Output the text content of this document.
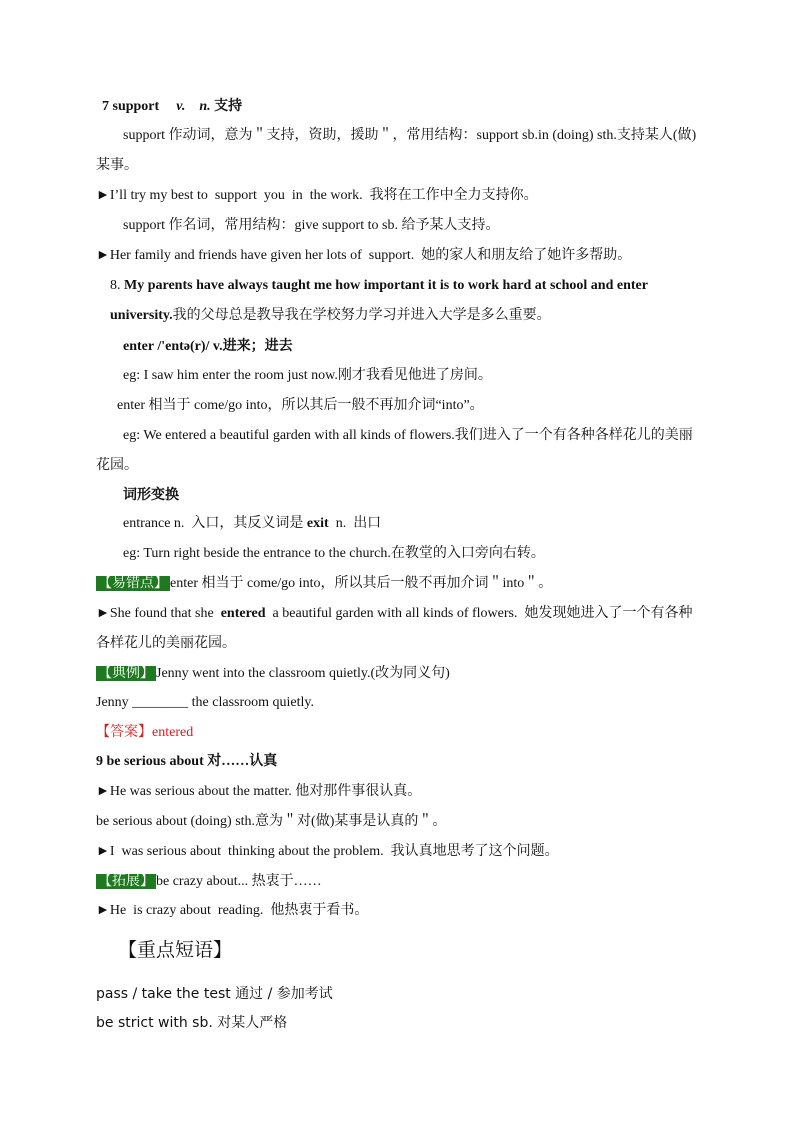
7 support v.    n. 支持
support 作动词，意为＂支持，资助，援助＂，常用结构：support sb.in (doing) sth.支持某人(做)
某事。
►I’ll try my best to  support  you  in  the work.  我将在工作中全力支持你。
support 作名词，常用结构：give support to sb. 给予某人支持。
►Her family and friends have given her lots of  support.  她的家人和朋友给了她许多帮助。
8. My parents have always taught me how important it is to work hard at school and enter
university.我的父母总是教导我在学校努力学习并进入大学是多么重要。
enter /'entə(r)/ v.进来；进去
eg: I saw him enter the room just now.刚才我看见他进了房间。
enter 相当于 come/go into，所以其后一般不再加介词“into”。
eg: We entered a beautiful garden with all kinds of flowers.我们进入了一个有各种各样花儿的美丽
花园。
词形变换
entrance n.  入口，其反义词是 exit  n.  出口
eg: Turn right beside the entrance to the church.在教堂的入口旁向右转。
【易错点】 enter 相当于 come/go into，所以其后一般不再加介词＂into＂。
►She found that she  entered  a beautiful garden with all kinds of flowers.  她发现她进入了一个有各种
各样花儿的美丽花园。
【典例】 Jenny went into the classroom quietly.(改为同义句)
Jenny ________ the classroom quietly.
【答案】entered
9 be serious about 对……认真
►He was serious about the matter. 他对那件事很认真。
be serious about (doing) sth.意为＂对(做)某事是认真的＂。
►I  was serious about  thinking about the problem.  我认真地思考了这个问题。
【拓展】 be crazy about... 热衷于……
►He  is crazy about  reading.  他热衷于看书。
【重点短语】
pass / take the test 通过 / 参加考试
be strict with sb. 对某人严格
